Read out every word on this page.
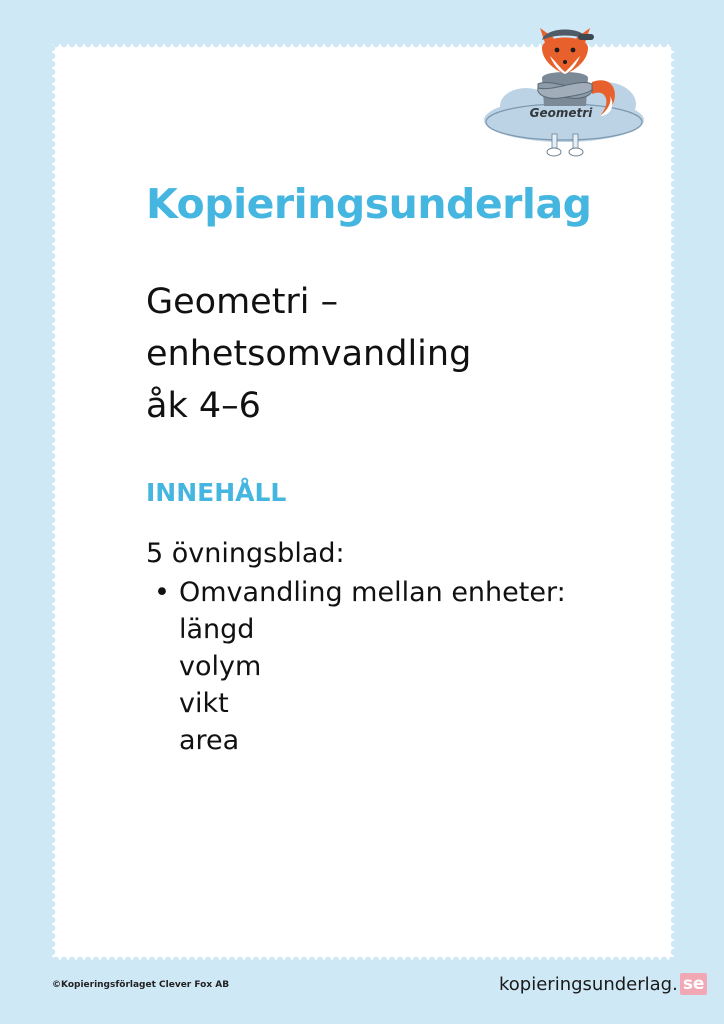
Geometri
Kopieringsunderlag
Geometri –
enhetsomvandling
åk 4–6
INNEHÅLL
5 övningsblad:
• Omvandling mellan enheter:
längd
volym
vikt
area
©Kopieringsförlaget Clever Fox AB	kopieringsunderlag. se
